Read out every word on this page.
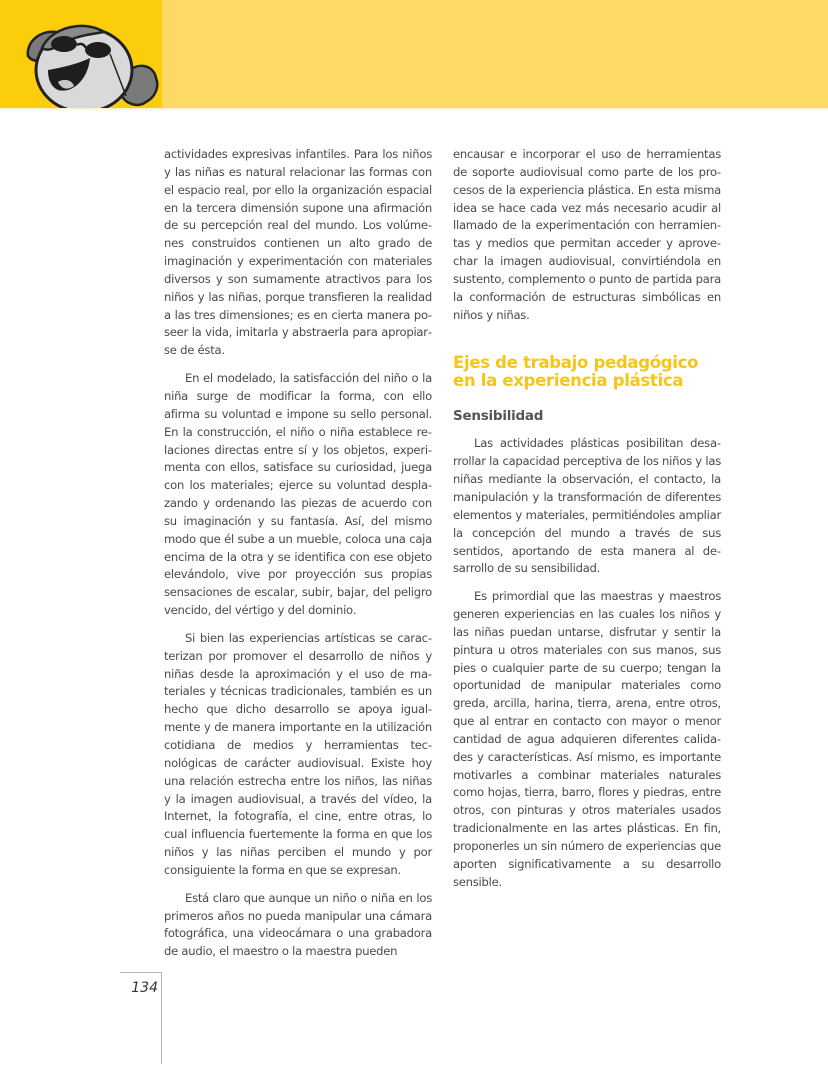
actividades expresivas infantiles. Para los niños y las niñas es natural relacionar las formas con el espacio real, por ello la organización espacial en la tercera dimensión supone una afirmación de su percepción real del mundo. Los volúmenes construidos contienen un alto grado de imaginación y experimentación con materiales diversos y son sumamente atractivos para los niños y las niñas, porque transfieren la realidad a las tres dimensiones; es en cierta manera poseer la vida, imitarla y abstraerla para apropiarse de ésta.

En el modelado, la satisfacción del niño o la niña surge de modificar la forma, con ello afirma su voluntad e impone su sello personal. En la construcción, el niño o niña establece relaciones directas entre sí y los objetos, experimenta con ellos, satisface su curiosidad, juega con los materiales; ejerce su voluntad desplazando y ordenando las piezas de acuerdo con su imaginación y su fantasía. Así, del mismo modo que él sube a un mueble, coloca una caja encima de la otra y se identifica con ese objeto elevándolo, vive por proyección sus propias sensaciones de escalar, subir, bajar, del peligro vencido, del vértigo y del dominio.

Si bien las experiencias artísticas se caracterizan por promover el desarrollo de niños y niñas desde la aproximación y el uso de materiales y técnicas tradicionales, también es un hecho que dicho desarrollo se apoya igualmente y de manera importante en la utilización cotidiana de medios y herramientas tecnológicas de carácter audiovisual. Existe hoy una relación estrecha entre los niños, las niñas y la imagen audiovisual, a través del vídeo, la Internet, la fotografía, el cine, entre otras, lo cual influencia fuertemente la forma en que los niños y las niñas perciben el mundo y por consiguiente la forma en que se expresan.

Está claro que aunque un niño o niña en los primeros años no pueda manipular una cámara fotográfica, una videocámara o una grabadora de audio, el maestro o la maestra pueden

encausar e incorporar el uso de herramientas de soporte audiovisual como parte de los procesos de la experiencia plástica. En esta misma idea se hace cada vez más necesario acudir al llamado de la experimentación con herramientas y medios que permitan acceder y aprovechar la imagen audiovisual, convirtiéndola en sustento, complemento o punto de partida para la conformación de estructuras simbólicas en niños y niñas.

Ejes de trabajo pedagógico en la experiencia plástica
Sensibilidad

Las actividades plásticas posibilitan desarrollar la capacidad perceptiva de los niños y las niñas mediante la observación, el contacto, la manipulación y la transformación de diferentes elementos y materiales, permitiéndoles ampliar la concepción del mundo a través de sus sentidos, aportando de esta manera al desarrollo de su sensibilidad.

Es primordial que las maestras y maestros generen experiencias en las cuales los niños y las niñas puedan untarse, disfrutar y sentir la pintura u otros materiales con sus manos, sus pies o cualquier parte de su cuerpo; tengan la oportunidad de manipular materiales como greda, arcilla, harina, tierra, arena, entre otros, que al entrar en contacto con mayor o menor cantidad de agua adquieren diferentes calidades y características. Así mismo, es importante motivarles a combinar materiales naturales como hojas, tierra, barro, flores y piedras, entre otros, con pinturas y otros materiales usados tradicionalmente en las artes plásticas. En fin, proponerles un sin número de experiencias que aporten significativamente a su desarrollo sensible.

134
